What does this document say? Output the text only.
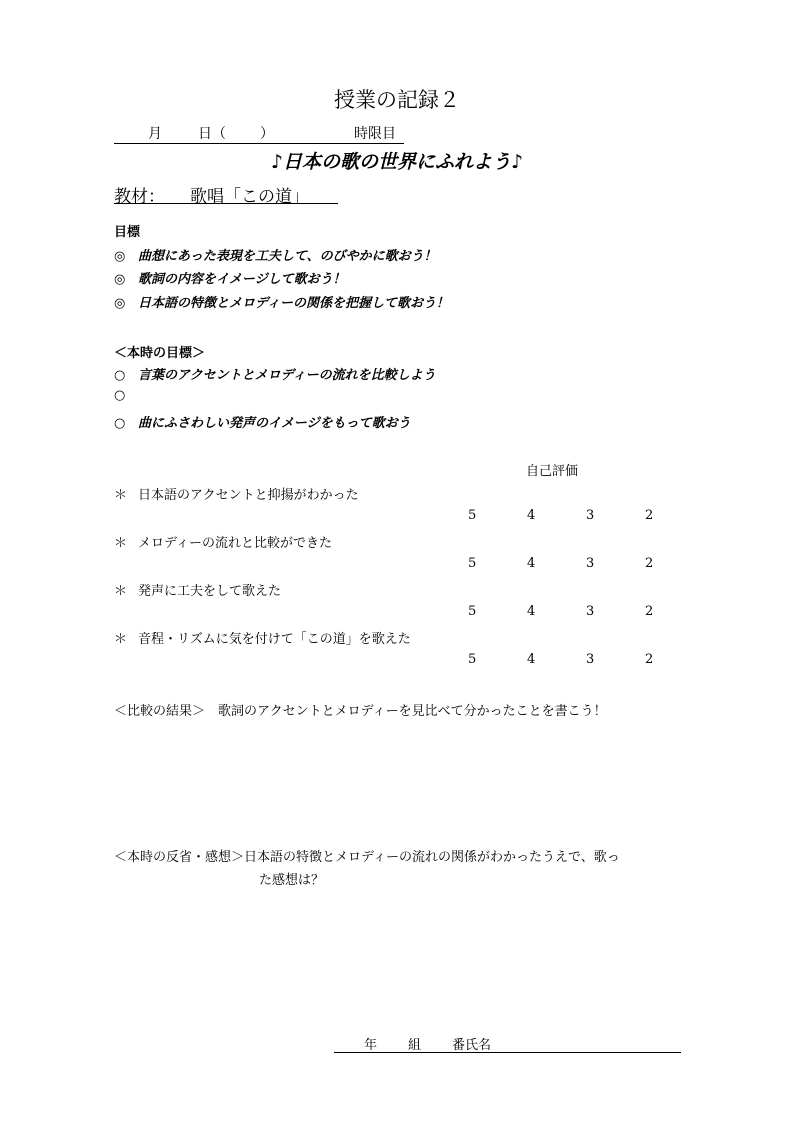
授業の記録２
月	日（ ）	時限目
♪日本の歌の世界にふれよう♪
教材： 歌唱「この道」
目標
◎ 曲想にあった表現を工夫して、のびやかに歌おう！
◎ 歌詞の内容をイメージして歌おう！
◎ 日本語の特徴とメロディーの関係を把握して歌おう！
＜本時の目標＞
○ 言葉のアクセントとメロディーの流れを比較しよう
○
○ 曲にふさわしい発声のイメージをもって歌おう
自己評価
＊ 日本語のアクセントと抑揚がわかった
5	4	3	2
＊ メロディーの流れと比較ができた
5	4	3	2
＊ 発声に工夫をして歌えた
5	4	3	2
＊ 音程・リズムに気を付けて「この道」を歌えた
5	4	3	2
＜比較の結果＞　歌詞のアクセントとメロディーを見比べて分かったことを書こう！
＜本時の反省・感想＞日本語の特徴とメロディーの流れの関係がわかったうえで、歌っ
た感想は？
年 組 番氏名
